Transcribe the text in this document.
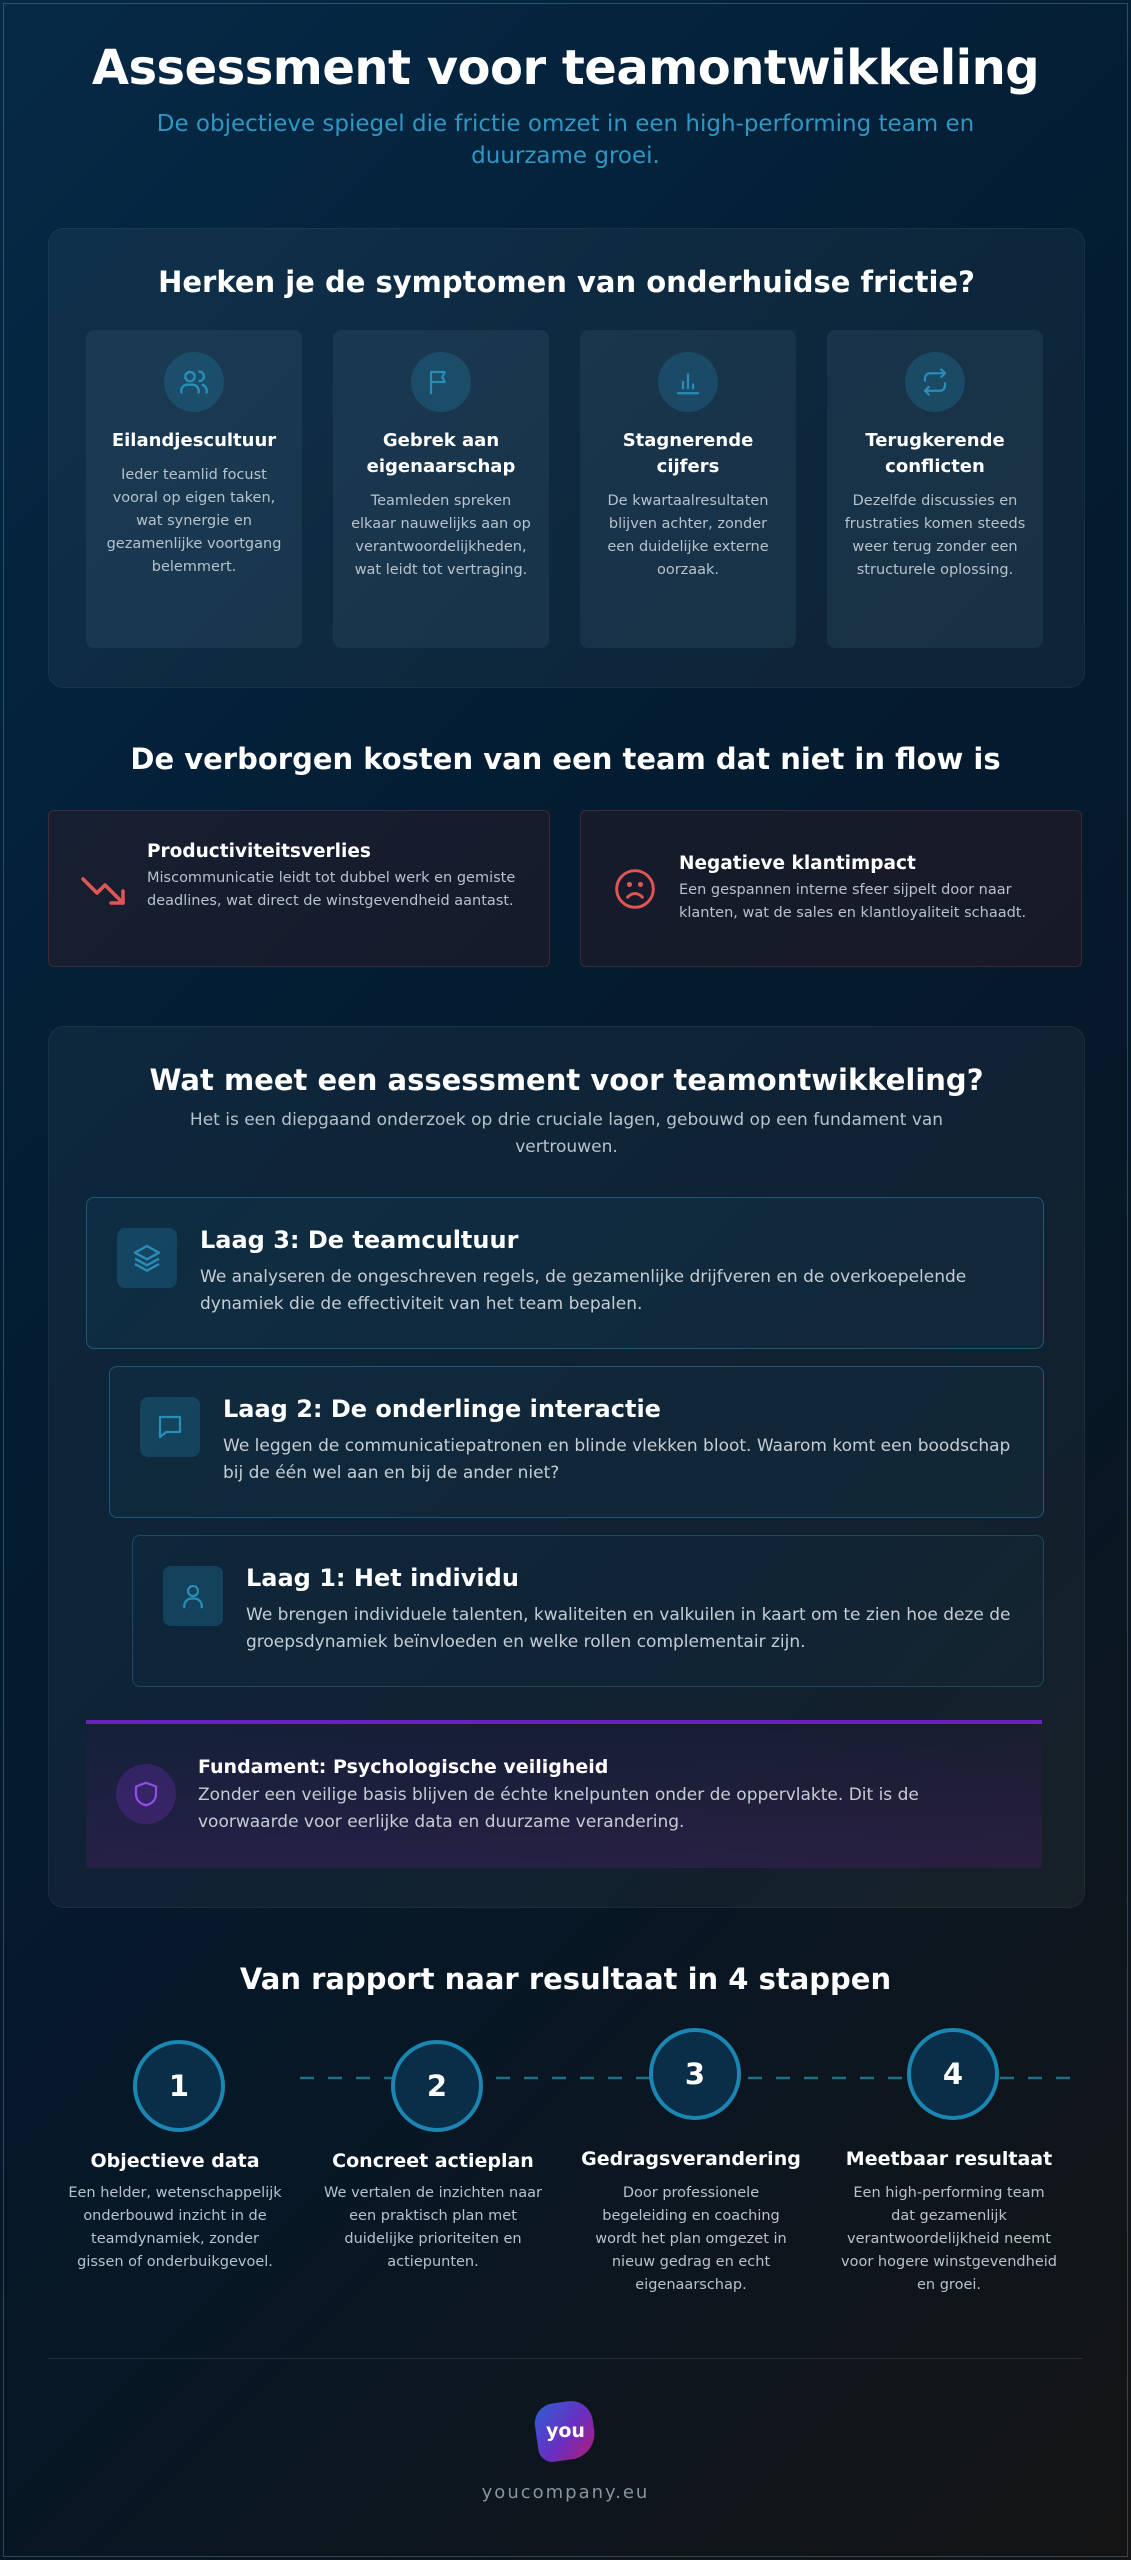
Assessment voor teamontwikkeling
De objectieve spiegel die frictie omzet in een high-performing team en duurzame groei.
Herken je de symptomen van onderhuidse frictie?
Eilandjescultuur
Ieder teamlid focust vooral op eigen taken, wat synergie en gezamenlijke voortgang belemmert.
Gebrek aan eigenaarschap
Teamleden spreken elkaar nauwelijks aan op verantwoordelijkheden, wat leidt tot vertraging.
Stagnerende cijfers
De kwartaalresultaten blijven achter, zonder een duidelijke externe oorzaak.
Terugkerende conflicten
Dezelfde discussies en frustraties komen steeds weer terug zonder een structurele oplossing.
De verborgen kosten van een team dat niet in flow is
Productiviteitsverlies
Miscommunicatie leidt tot dubbel werk en gemiste deadlines, wat direct de winstgevendheid aantast.
Negatieve klantimpact
Een gespannen interne sfeer sijpelt door naar klanten, wat de sales en klantloyaliteit schaadt.
Wat meet een assessment voor teamontwikkeling?
Het is een diepgaand onderzoek op drie cruciale lagen, gebouwd op een fundament van vertrouwen.
Laag 3: De teamcultuur
We analyseren de ongeschreven regels, de gezamenlijke drijfveren en de overkoepelende dynamiek die de effectiviteit van het team bepalen.
Laag 2: De onderlinge interactie
We leggen de communicatiepatronen en blinde vlekken bloot. Waarom komt een boodschap bij de één wel aan en bij de ander niet?
Laag 1: Het individu
We brengen individuele talenten, kwaliteiten en valkuilen in kaart om te zien hoe deze de groepsdynamiek beïnvloeden en welke rollen complementair zijn.
Fundament: Psychologische veiligheid
Zonder een veilige basis blijven de échte knelpunten onder de oppervlakte. Dit is de voorwaarde voor eerlijke data en duurzame verandering.
Van rapport naar resultaat in 4 stappen
1
Objectieve data
Een helder, wetenschappelijk onderbouwd inzicht in de teamdynamiek, zonder gissen of onderbuikgevoel.
2
Concreet actieplan
We vertalen de inzichten naar een praktisch plan met duidelijke prioriteiten en actiepunten.
3
Gedragsverandering
Door professionele begeleiding en coaching wordt het plan omgezet in nieuw gedrag en echt eigenaarschap.
4
Meetbaar resultaat
Een high-performing team dat gezamenlijk verantwoordelijkheid neemt voor hogere winstgevendheid en groei.
you
youcompany.eu
